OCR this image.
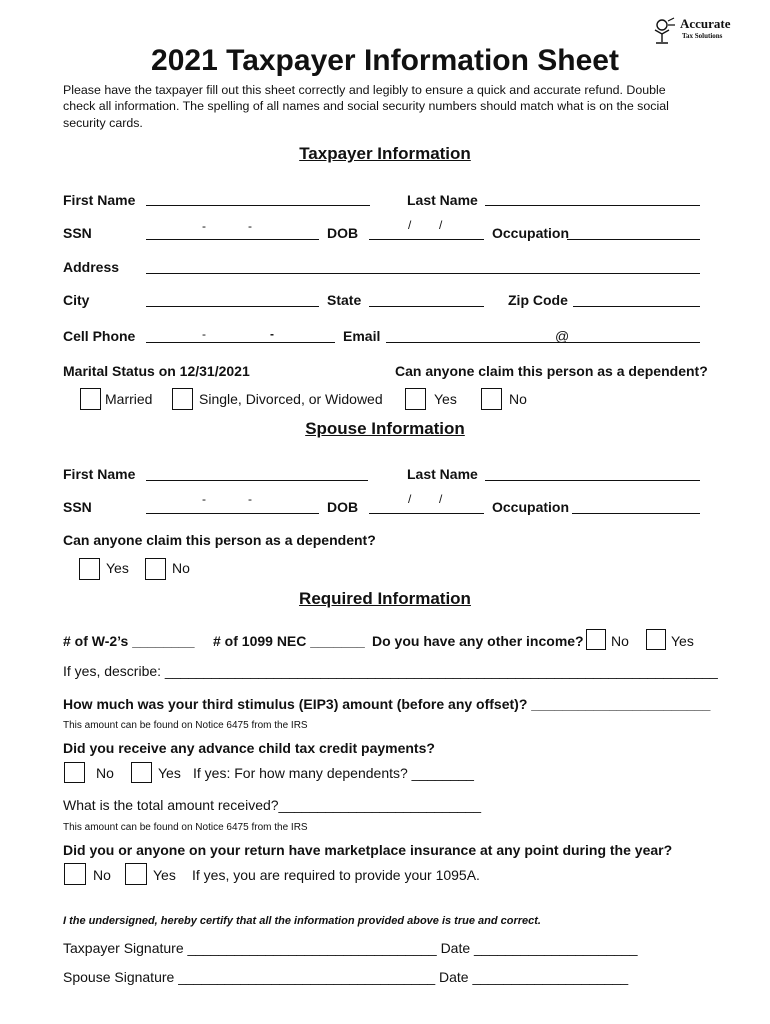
Accurate
Tax Solutions
2021 Taxpayer Information Sheet
Please have the taxpayer fill out this sheet correctly and legibly to ensure a quick and accurate refund. Double
check all information. The spelling of all names and social security numbers should match what is on the social
security cards.
Taxpayer Information
First Name	Last Name
SSN	-	-	DOB	/ /	Occupation
Address
City	State	Zip Code
Cell Phone	-	-	Email	@
Marital Status on 12/31/2021	Can anyone claim this person as a dependent?
Married	Single, Divorced, or Widowed	Yes	No
Spouse Information
First Name	Last Name
SSN	-	-	DOB	/ /	Occupation
Can anyone claim this person as a dependent?
Yes	No
Required Information
# of W-2’s ________ # of 1099 NEC _______ Do you have any other income? No	Yes
If yes, describe: _______________________________________________________________________
How much was your third stimulus (EIP3) amount (before any offset)? _______________________
This amount can be found on Notice 6475 from the IRS
Did you receive any advance child tax credit payments?
No	Yes If yes: For how many dependents? ________
What is the total amount received?__________________________
This amount can be found on Notice 6475 from the IRS
Did you or anyone on your return have marketplace insurance at any point during the year?
No	Yes If yes, you are required to provide your 1095A.
I the undersigned, hereby certify that all the information provided above is true and correct.
Taxpayer Signature ________________________________ Date _____________________
Spouse Signature _________________________________ Date ____________________
